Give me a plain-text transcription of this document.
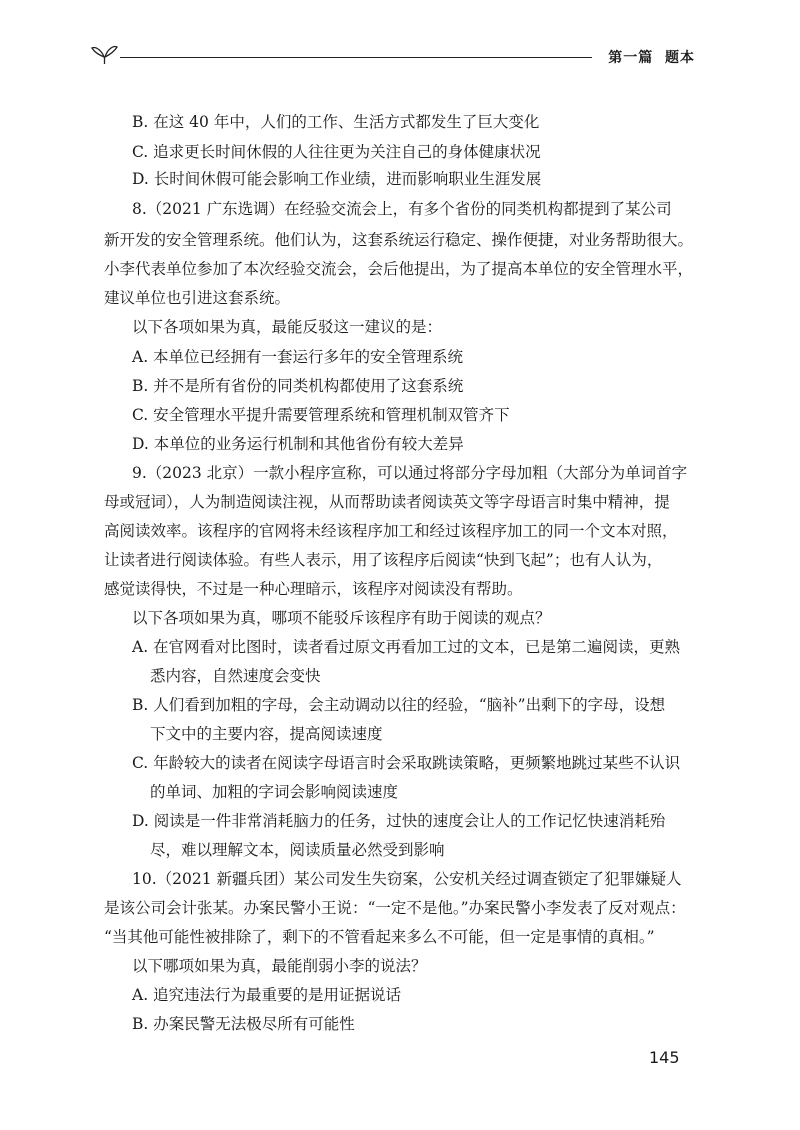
第一篇  题本
B. 在这 40 年中，人们的工作、生活方式都发生了巨大变化
C. 追求更长时间休假的人往往更为关注自己的身体健康状况
D. 长时间休假可能会影响工作业绩，进而影响职业生涯发展
8.（2021 广东选调）在经验交流会上，有多个省份的同类机构都提到了某公司
新开发的安全管理系统。他们认为，这套系统运行稳定、操作便捷，对业务帮助很大。
小李代表单位参加了本次经验交流会，会后他提出，为了提高本单位的安全管理水平，
建议单位也引进这套系统。
以下各项如果为真，最能反驳这一建议的是：
A. 本单位已经拥有一套运行多年的安全管理系统
B. 并不是所有省份的同类机构都使用了这套系统
C. 安全管理水平提升需要管理系统和管理机制双管齐下
D. 本单位的业务运行机制和其他省份有较大差异
9.（2023 北京）一款小程序宣称，可以通过将部分字母加粗（大部分为单词首字
母或冠词），人为制造阅读注视，从而帮助读者阅读英文等字母语言时集中精神，提
高阅读效率。该程序的官网将未经该程序加工和经过该程序加工的同一个文本对照，
让读者进行阅读体验。有些人表示，用了该程序后阅读“快到飞起”；也有人认为，
感觉读得快，不过是一种心理暗示，该程序对阅读没有帮助。
以下各项如果为真，哪项不能驳斥该程序有助于阅读的观点？
A. 在官网看对比图时，读者看过原文再看加工过的文本，已是第二遍阅读，更熟
悉内容，自然速度会变快
B. 人们看到加粗的字母，会主动调动以往的经验，“脑补”出剩下的字母，设想
下文中的主要内容，提高阅读速度
C. 年龄较大的读者在阅读字母语言时会采取跳读策略，更频繁地跳过某些不认识
的单词、加粗的字词会影响阅读速度
D. 阅读是一件非常消耗脑力的任务，过快的速度会让人的工作记忆快速消耗殆
尽，难以理解文本，阅读质量必然受到影响
10.（2021 新疆兵团）某公司发生失窃案，公安机关经过调查锁定了犯罪嫌疑人
是该公司会计张某。办案民警小王说：“一定不是他。”办案民警小李发表了反对观点：
“当其他可能性被排除了，剩下的不管看起来多么不可能，但一定是事情的真相。”
以下哪项如果为真，最能削弱小李的说法？
A. 追究违法行为最重要的是用证据说话
B. 办案民警无法极尽所有可能性
145
